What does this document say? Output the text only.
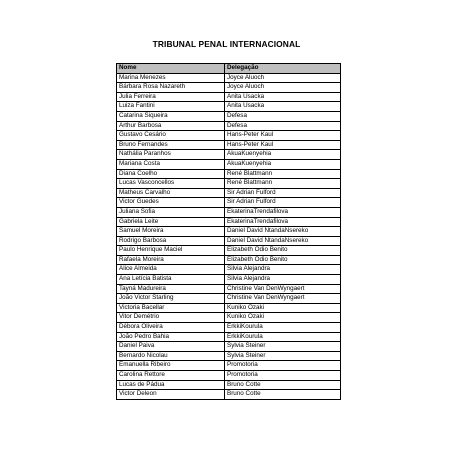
TRIBUNAL PENAL INTERNACIONAL
Nome	Delegação
Marina Menezes	Joyce Aluoch
Bárbara Rosa Nazareth	Joyce Aluoch
Julia Ferreira	Anita Usacka
Luiza Fantini	Anita Usacka
Catarina Siqueira	Defesa
Arthur Barbosa	Defesa
Gustavo Cesário	Hans-Peter Kaul
Bruno Fernandes	Hans-Peter Kaul
Nathália Paranhos	AkuaKuenyehia
Mariana Costa	AkuaKuenyehia
Diana Coelho	René Blattmann
Lucas Vasconcellos	René Blattmann
Matheus Carvalho	Sir Adrian Fulford
Victor Guedes	Sir Adrian Fulford
Juliana Sofia	EkaterinaTrendafilova
Gabriela Leite	EkaterinaTrendafilova
Samuel Moreira	Daniel David NtandaNsereko
Rodrigo Barbosa	Daniel David NtandaNsereko
Paulo Henrique Maciel	Elizabeth Odio Benito
Rafaela Moreira	Elizabeth Odio Benito
Alice Almeida	Silvia Alejandra
Ana Letícia Batista	Silvia Alejandra
Tayná Madureira	Christine Van DenWyngaert
João Victor Starling	Christine Van DenWyngaert
Victoria Bacellar	Kuniko Ozaki
Vitor Demétrio	Kuniko Ozaki
Débora Oliveira	ErkkiKourula
João Pedro Bahia	ErkkiKourula
Daniel Paiva	Sylvia Steiner
Bernardo Nicolau	Sylvia Steiner
Emanuella Ribeiro	Promotoria
Carolina Rettore	Promotoria
Lucas de Pádua	Bruno Cotte
Victor Deleon	Bruno Cotte
